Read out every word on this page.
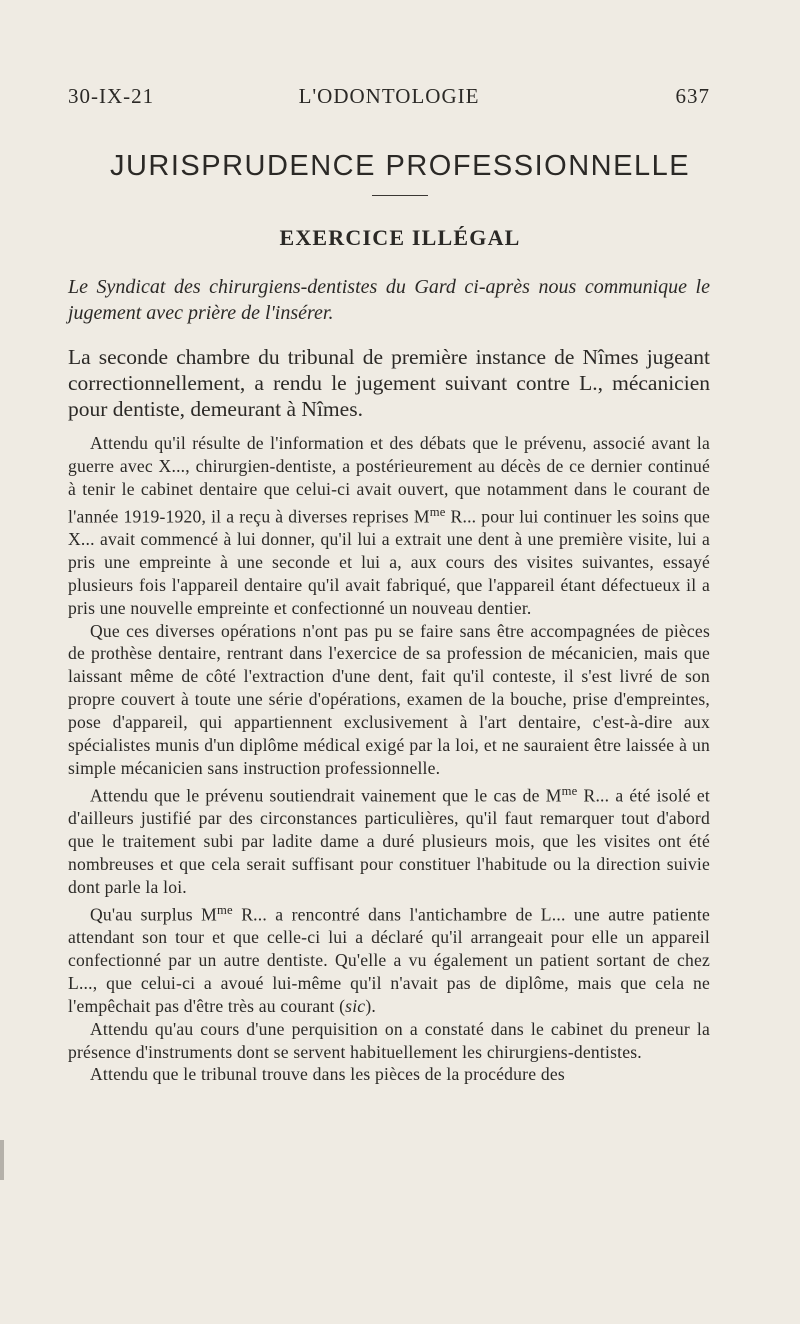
30-IX-21	L'ODONTOLOGIE	637
JURISPRUDENCE PROFESSIONNELLE
EXERCICE ILLÉGAL
Le Syndicat des chirurgiens-dentistes du Gard ci-après nous communique le jugement avec prière de l'insérer.
La seconde chambre du tribunal de première instance de Nîmes jugeant correctionnellement, a rendu le jugement suivant contre L., mécanicien pour dentiste, demeurant à Nîmes.

Attendu qu'il résulte de l'information et des débats que le prévenu, associé avant la guerre avec X..., chirurgien-dentiste, a postérieurement au décès de ce dernier continué à tenir le cabinet dentaire que celui-ci avait ouvert, que notamment dans le courant de l'année 1919-1920, il a reçu à diverses reprises $M^{me}$ R... pour lui continuer les soins que X... avait commencé à lui donner, qu'il lui a extrait une dent à une première visite, lui a pris une empreinte à une seconde et lui a, aux cours des visites suivantes, essayé plusieurs fois l'appareil dentaire qu'il avait fabriqué, que l'appareil étant défectueux il a pris une nouvelle empreinte et confectionné un nouveau dentier.

Que ces diverses opérations n'ont pas pu se faire sans être accompagnées de pièces de prothèse dentaire, rentrant dans l'exercice de sa profession de mécanicien, mais que laissant même de côté l'extraction d'une dent, fait qu'il conteste, il s'est livré de son propre couvert à toute une série d'opérations, examen de la bouche, prise d'empreintes, pose d'appareil, qui appartiennent exclusivement à l'art dentaire, c'est-à-dire aux spécialistes munis d'un diplôme médical exigé par la loi, et ne sauraient être laissée à un simple mécanicien sans instruction professionnelle.

Attendu que le prévenu soutiendrait vainement que le cas de $M^{me}$ R... a été isolé et d'ailleurs justifié par des circonstances particulières, qu'il faut remarquer tout d'abord que le traitement subi par ladite dame a duré plusieurs mois, que les visites ont été nombreuses et que cela serait suffisant pour constituer l'habitude ou la direction suivie dont parle la loi.

Qu'au surplus $M^{me}$ R... a rencontré dans l'antichambre de L... une autre patiente attendant son tour et que celle-ci lui a déclaré qu'il arrangeait pour elle un appareil confectionné par un autre dentiste. Qu'elle a vu également un patient sortant de chez L..., que celui-ci a avoué lui-même qu'il n'avait pas de diplôme, mais que cela ne l'empêchait pas d'être très au courant (sic).

Attendu qu'au cours d'une perquisition on a constaté dans le cabinet du preneur la présence d'instruments dont se servent habituellement les chirurgiens-dentistes.

Attendu que le tribunal trouve dans les pièces de la procédure des
